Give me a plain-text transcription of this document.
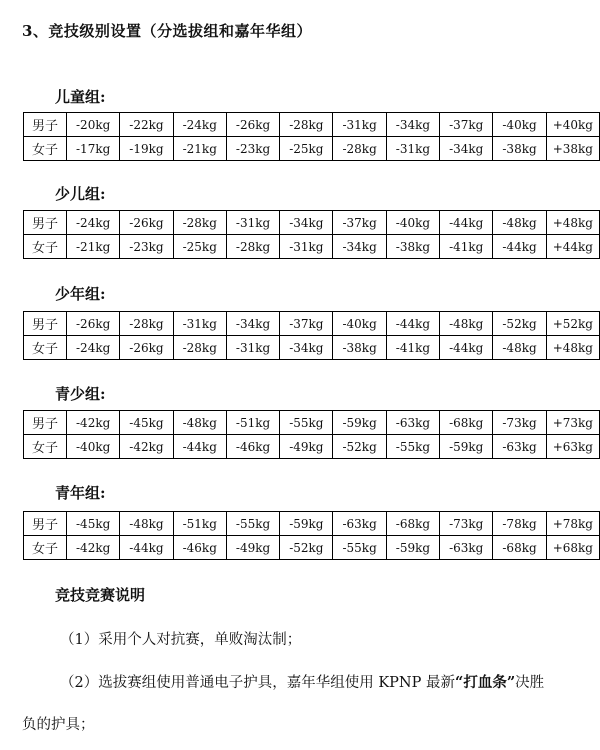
3、竞技级别设置（分选拔组和嘉年华组）
儿童组:
男子	-20kg	-22kg	-24kg	-26kg	-28kg	-31kg	-34kg	-37kg	-40kg	+40kg
女子	-17kg	-19kg	-21kg	-23kg	-25kg	-28kg	-31kg	-34kg	-38kg	+38kg
少儿组:
男子	-24kg	-26kg	-28kg	-31kg	-34kg	-37kg	-40kg	-44kg	-48kg	+48kg
女子	-21kg	-23kg	-25kg	-28kg	-31kg	-34kg	-38kg	-41kg	-44kg	+44kg
少年组:
男子	-26kg	-28kg	-31kg	-34kg	-37kg	-40kg	-44kg	-48kg	-52kg	+52kg
女子	-24kg	-26kg	-28kg	-31kg	-34kg	-38kg	-41kg	-44kg	-48kg	+48kg
青少组:
男子	-42kg	-45kg	-48kg	-51kg	-55kg	-59kg	-63kg	-68kg	-73kg	+73kg
女子	-40kg	-42kg	-44kg	-46kg	-49kg	-52kg	-55kg	-59kg	-63kg	+63kg
青年组:
男子	-45kg	-48kg	-51kg	-55kg	-59kg	-63kg	-68kg	-73kg	-78kg	+78kg
女子	-42kg	-44kg	-46kg	-49kg	-52kg	-55kg	-59kg	-63kg	-68kg	+68kg
竞技竞赛说明
（1）采用个人对抗赛，单败淘汰制；
（2）选拔赛组使用普通电子护具，嘉年华组使用 KPNP 最新“打血条”决胜
负的护具；
